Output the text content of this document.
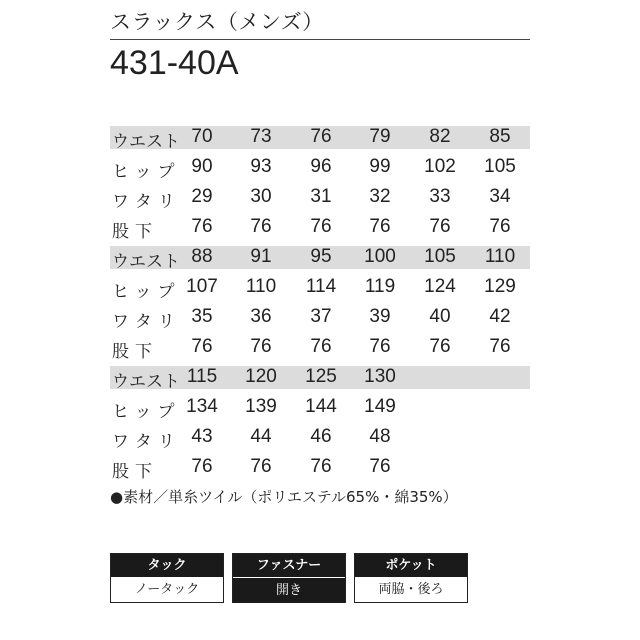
スラックス（メンズ）
431-40A
ウエスト 70	73	76	79	82	85
ヒップ 90	93	96	99	102	105
ワタリ 29	30	31	32	33	34
股下	76	76	76	76	76	76
ウエスト 88	91	95	100	105	110
ヒップ 107	110	114	119	124	129
ワタリ 35	36	37	39	40	42
股下	76	76	76	76	76	76
ウエスト 115	120	125	130
ヒップ 134	139	144	149
ワタリ 43	44	46	48
股下	76	76	76	76
●素材／単糸ツイル（ポリエステル65%・綿35%）
タック
ノータック
ファスナー
開き
ポケット
両脇・後ろ
